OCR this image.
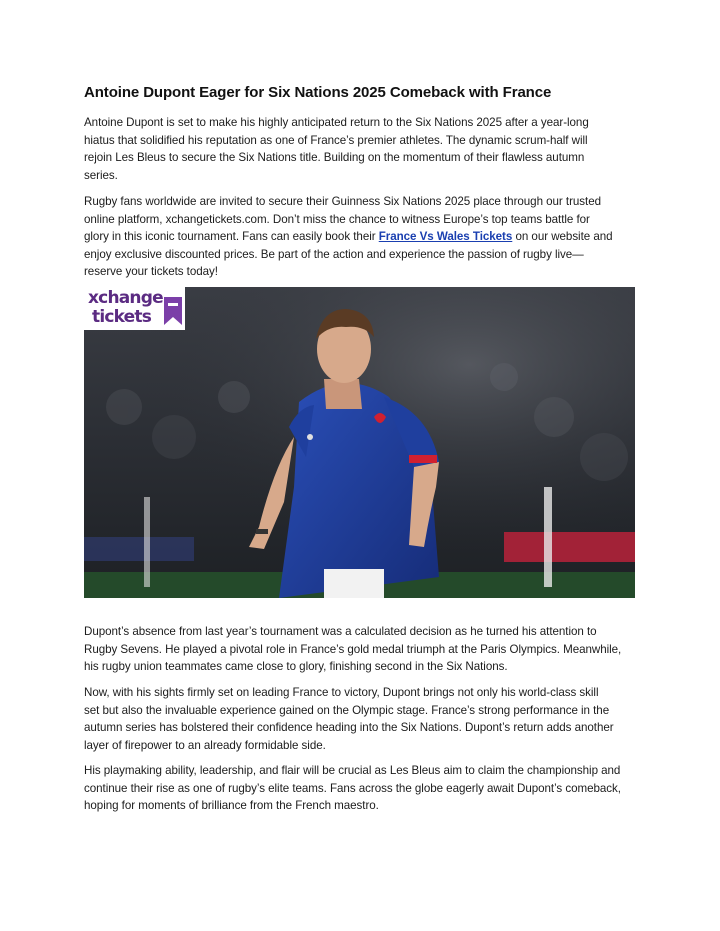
Antoine Dupont Eager for Six Nations 2025 Comeback with France

Antoine Dupont is set to make his highly anticipated return to the Six Nations 2025 after a year-long
hiatus that solidified his reputation as one of France’s premier athletes. The dynamic scrum-half will
rejoin Les Bleus to secure the Six Nations title. Building on the momentum of their flawless autumn
series.

Rugby fans worldwide are invited to secure their Guinness Six Nations 2025 place through our trusted
online platform, xchangetickets.com. Don’t miss the chance to witness Europe’s top teams battle for
glory in this iconic tournament. Fans can easily book their France Vs Wales Tickets on our website and
enjoy exclusive discounted prices. Be part of the action and experience the passion of rugby live—
reserve your tickets today!

xchange
tickets

Dupont’s absence from last year’s tournament was a calculated decision as he turned his attention to
Rugby Sevens. He played a pivotal role in France’s gold medal triumph at the Paris Olympics. Meanwhile,
his rugby union teammates came close to glory, finishing second in the Six Nations.

Now, with his sights firmly set on leading France to victory, Dupont brings not only his world-class skill
set but also the invaluable experience gained on the Olympic stage. France’s strong performance in the
autumn series has bolstered their confidence heading into the Six Nations. Dupont’s return adds another
layer of firepower to an already formidable side.

His playmaking ability, leadership, and flair will be crucial as Les Bleus aim to claim the championship and
continue their rise as one of rugby’s elite teams. Fans across the globe eagerly await Dupont’s comeback,
hoping for moments of brilliance from the French maestro.
